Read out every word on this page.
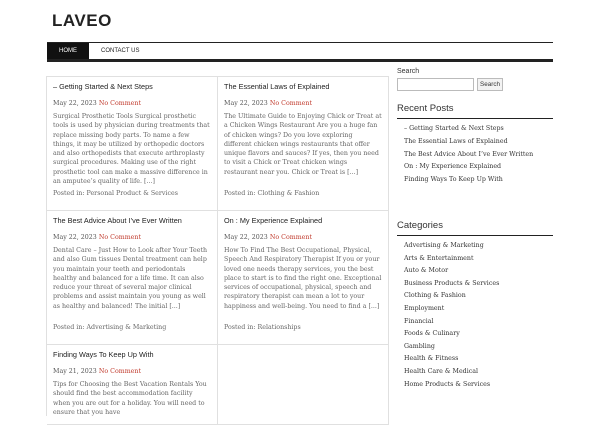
LAVEO
HOME	CONTACT US
– Getting Started & Next Steps
May 22, 2023 No Comment
Surgical Prosthetic Tools Surgical prosthetic tools is used by physician during treatments that replace missing body parts. To name a few things, it may be utilized by orthopedic doctors and also orthopedists that execute arthroplasty surgical procedures. Making use of the right prosthetic tool can make a massive difference in an amputee’s quality of life. [...]
Posted in: Personal Product & Services
The Essential Laws of Explained
May 22, 2023 No Comment
The Ultimate Guide to Enjoying Chick or Treat at a Chicken Wings Restaurant Are you a huge fan of chicken wings? Do you love exploring different chicken wings restaurants that offer unique flavors and sauces? If yes, then you need to visit a Chick or Treat chicken wings restaurant near you. Chick or Treat is [...]
Posted in: Clothing & Fashion
The Best Advice About I’ve Ever Written
May 22, 2023 No Comment
Dental Care – Just How to Look after Your Teeth and also Gum tissues Dental treatment can help you maintain your teeth and periodontals healthy and balanced for a life time. It can also reduce your threat of several major clinical problems and assist maintain you young as well as healthy and balanced! The initial [...]
Posted in: Advertising & Marketing
On : My Experience Explained
May 22, 2023 No Comment
How To Find The Best Occupational, Physical, Speech And Respiratory Therapist If you or your loved one needs therapy services, you the best place to start is to find the right one. Exceptional services of occupational, physical, speech and respiratory therapist can mean a lot to your happiness and well-being. You need to find a [...]
Posted in: Relationships
Finding Ways To Keep Up With
May 21, 2023 No Comment
Tips for Choosing the Best Vacation Rentals You should find the best accommodation facility when you are out for a holiday. You will need to ensure that you have
Search
Search
Recent Posts
– Getting Started & Next Steps
The Essential Laws of Explained
The Best Advice About I’ve Ever Written
On : My Experience Explained
Finding Ways To Keep Up With
Categories
Advertising & Marketing
Arts & Entertainment
Auto & Motor
Business Products & Services
Clothing & Fashion
Employment
Financial
Foods & Culinary
Gambling
Health & Fitness
Health Care & Medical
Home Products & Services
